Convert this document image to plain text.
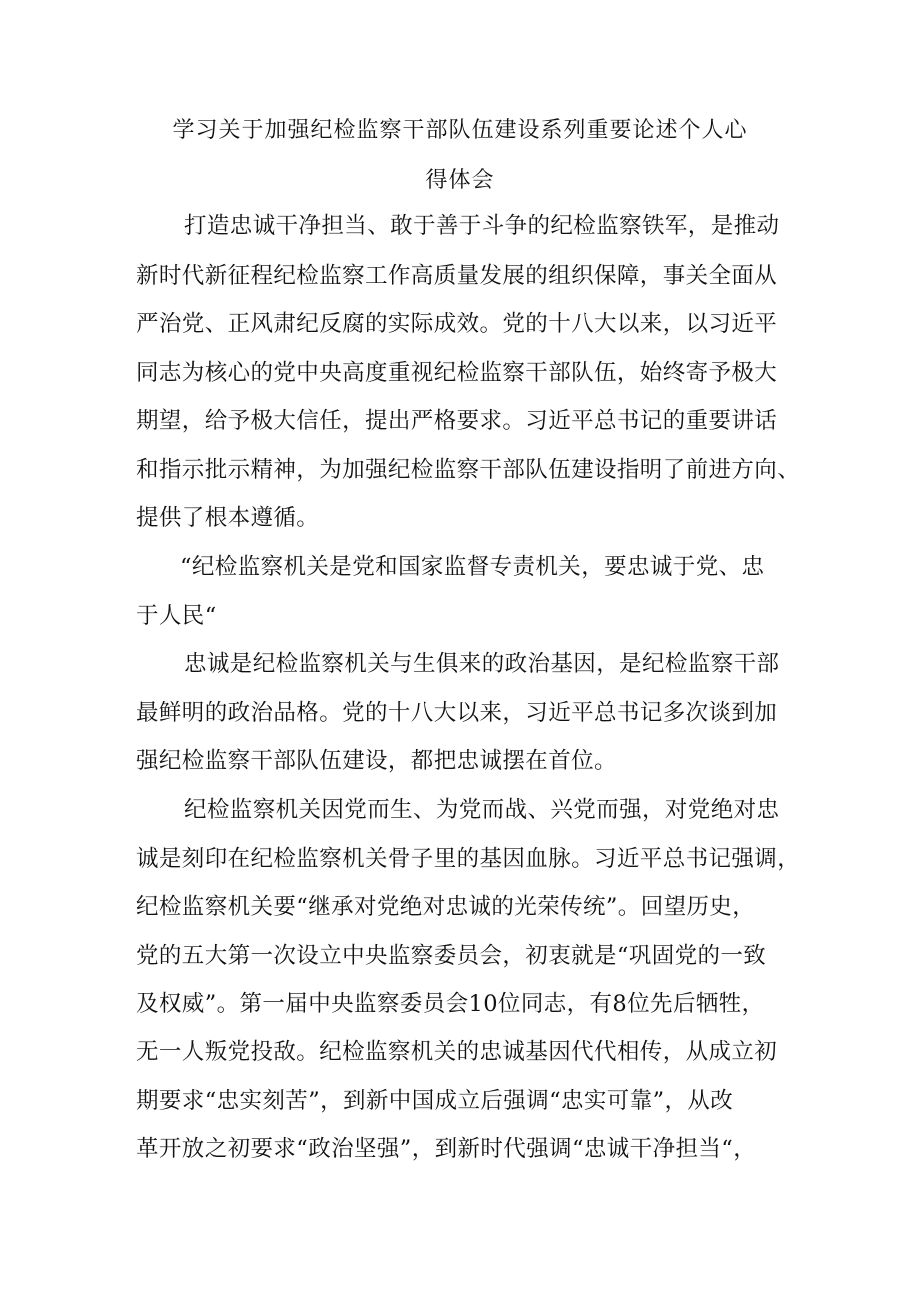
学习关于加强纪检监察干部队伍建设系列重要论述个人心
得体会
打造忠诚干净担当、敢于善于斗争的纪检监察铁军，是推动
新时代新征程纪检监察工作高质量发展的组织保障，事关全面从
严治党、正风肃纪反腐的实际成效。党的十八大以来，以习近平
同志为核心的党中央高度重视纪检监察干部队伍，始终寄予极大
期望，给予极大信任，提出严格要求。习近平总书记的重要讲话
和指示批示精神，为加强纪检监察干部队伍建设指明了前进方向、
提供了根本遵循。
“纪检监察机关是党和国家监督专责机关，要忠诚于党、忠
于人民“
忠诚是纪检监察机关与生俱来的政治基因，是纪检监察干部
最鲜明的政治品格。党的十八大以来，习近平总书记多次谈到加
强纪检监察干部队伍建设，都把忠诚摆在首位。
纪检监察机关因党而生、为党而战、兴党而强，对党绝对忠
诚是刻印在纪检监察机关骨子里的基因血脉。习近平总书记强调，
纪检监察机关要“继承对党绝对忠诚的光荣传统”。回望历史，
党的五大第一次设立中央监察委员会，初衷就是“巩固党的一致
及权威”。第一届中央监察委员会10位同志，有8位先后牺牲，
无一人叛党投敌。纪检监察机关的忠诚基因代代相传，从成立初
期要求“忠实刻苦”，到新中国成立后强调“忠实可靠”，从改
革开放之初要求“政治坚强”，到新时代强调“忠诚干净担当“，
